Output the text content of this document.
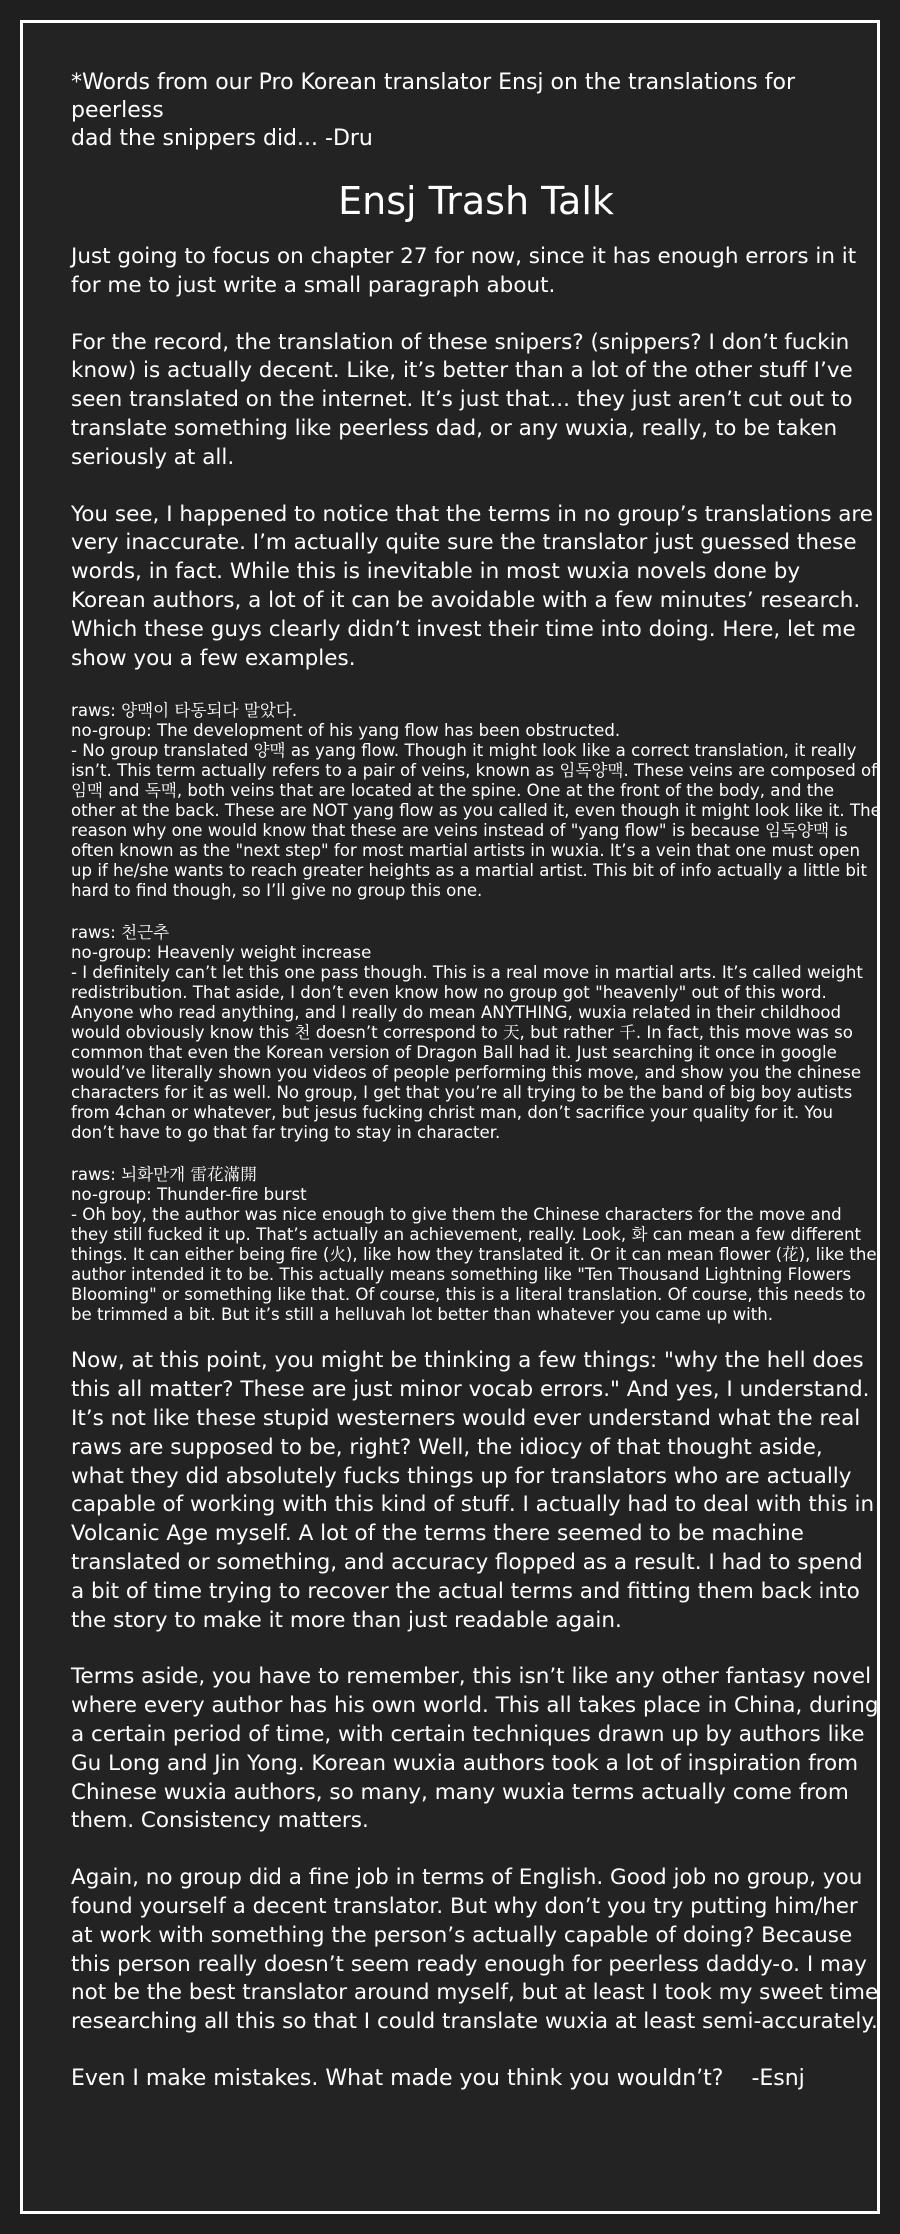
*Words from our Pro Korean translator Ensj on the translations for peerless
dad the snippers did... -Dru
Ensj Trash Talk

Just going to focus on chapter 27 for now, since it has enough errors in it for me to just write a small paragraph about.

For the record, the translation of these snipers? (snippers? I don’t fuckin know) is actually decent. Like, it’s better than a lot of the other stuff I’ve seen translated on the internet. It’s just that... they just aren’t cut out to translate something like peerless dad, or any wuxia, really, to be taken seriously at all.

You see, I happened to notice that the terms in no group’s translations are very inaccurate. I’m actually quite sure the translator just guessed these words, in fact. While this is inevitable in most wuxia novels done by Korean authors, a lot of it can be avoidable with a few minutes’ research. Which these guys clearly didn’t invest their time into doing. Here, let me show you a few examples.

raws: 양맥이 타동되다 말았다.
no-group: The development of his yang flow has been obstructed.
- No group translated 양맥 as yang flow. Though it might look like a correct translation, it really isn’t. This term actually refers to a pair of veins, known as 임독양맥. These veins are composed of 임맥 and 독맥, both veins that are located at the spine. One at the front of the body, and the other at the back. These are NOT yang flow as you called it, even though it might look like it. The reason why one would know that these are veins instead of "yang flow" is because 임독양맥 is often known as the "next step" for most martial artists in wuxia. It’s a vein that one must open up if he/she wants to reach greater heights as a martial artist. This bit of info actually a little bit hard to find though, so I’ll give no group this one.
raws: 천근추
no-group: Heavenly weight increase
- I definitely can’t let this one pass though. This is a real move in martial arts. It’s called weight redistribution. That aside, I don’t even know how no group got "heavenly" out of this word. Anyone who read anything, and I really do mean ANYTHING, wuxia related in their childhood would obviously know this 천 doesn’t correspond to 天, but rather 千. In fact, this move was so common that even the Korean version of Dragon Ball had it. Just searching it once in google would’ve literally shown you videos of people performing this move, and show you the chinese characters for it as well. No group, I get that you’re all trying to be the band of big boy autists from 4chan or whatever, but jesus fucking christ man, don’t sacrifice your quality for it. You don’t have to go that far trying to stay in character.
raws: 뇌화만개 雷花滿開
no-group: Thunder-fire burst
- Oh boy, the author was nice enough to give them the Chinese characters for the move and they still fucked it up. That’s actually an achievement, really. Look, 화 can mean a few different things. It can either being fire (火), like how they translated it. Or it can mean flower (花), like the author intended it to be. This actually means something like "Ten Thousand Lightning Flowers Blooming" or something like that. Of course, this is a literal translation. Of course, this needs to be trimmed a bit. But it’s still a helluvah lot better than whatever you came up with.

Now, at this point, you might be thinking a few things: "why the hell does this all matter? These are just minor vocab errors." And yes, I understand. It’s not like these stupid westerners would ever understand what the real raws are supposed to be, right? Well, the idiocy of that thought aside, what they did absolutely fucks things up for translators who are actually capable of working with this kind of stuff. I actually had to deal with this in Volcanic Age myself. A lot of the terms there seemed to be machine translated or something, and accuracy flopped as a result. I had to spend a bit of time trying to recover the actual terms and fitting them back into the story to make it more than just readable again.

Terms aside, you have to remember, this isn’t like any other fantasy novel where every author has his own world. This all takes place in China, during a certain period of time, with certain techniques drawn up by authors like Gu Long and Jin Yong. Korean wuxia authors took a lot of inspiration from Chinese wuxia authors, so many, many wuxia terms actually come from them. Consistency matters.

Again, no group did a fine job in terms of English. Good job no group, you found yourself a decent translator. But why don’t you try putting him/her at work with something the person’s actually capable of doing? Because this person really doesn’t seem ready enough for peerless daddy-o. I may not be the best translator around myself, but at least I took my sweet time researching all this so that I could translate wuxia at least semi-accurately.

Even I make mistakes. What made you think you wouldn’t? -Esnj
